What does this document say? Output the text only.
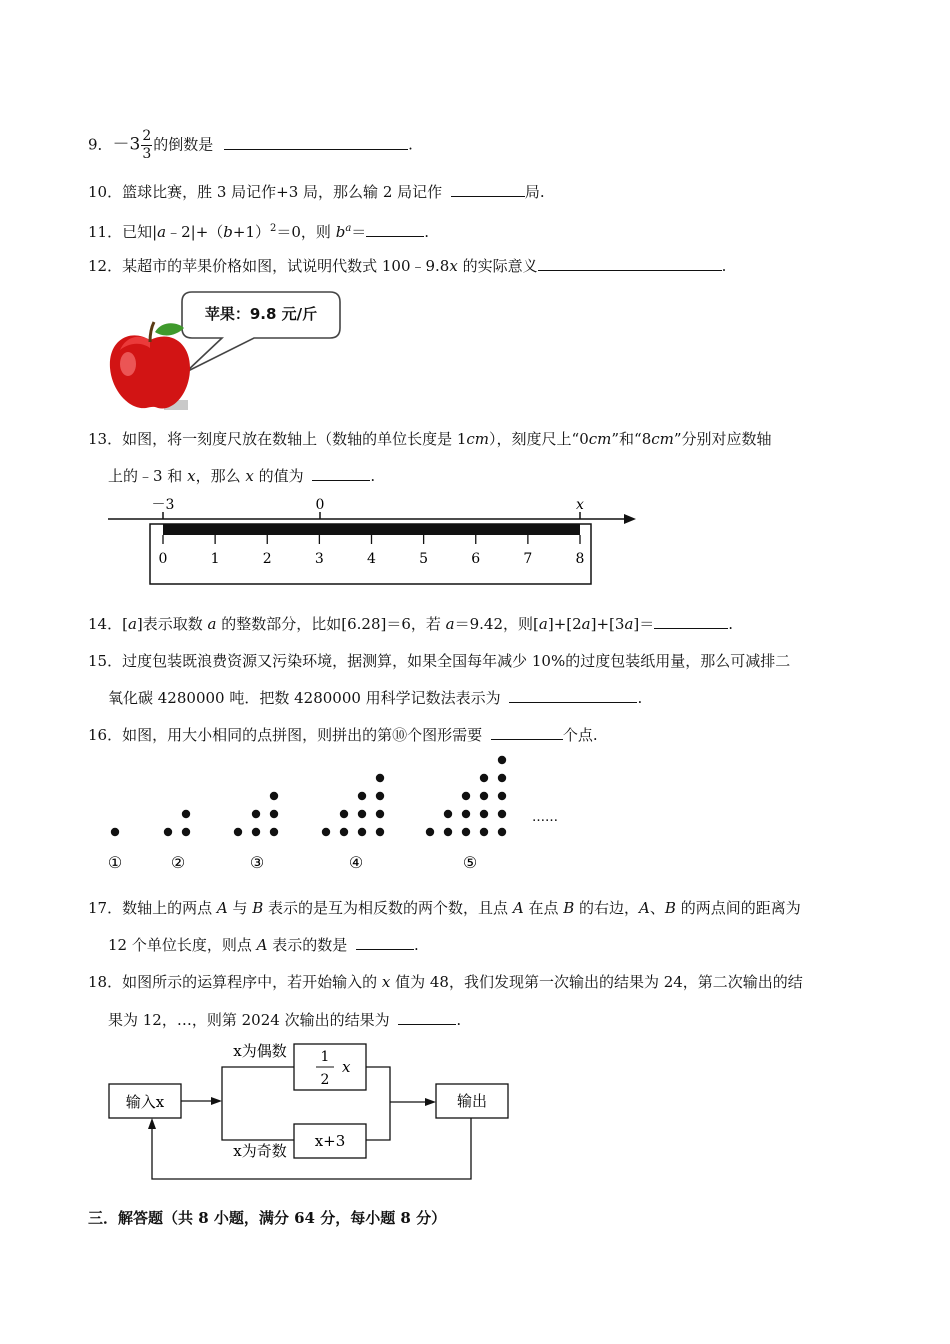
9．$-3 \frac{2}{3}$ 的倒数是	.
10．篮球比赛，胜 3 局记作+3 局，那么输 2 局记作	局.
11．已知$|a﹣2|+(b+1)^2=0$，则 $b^a=$	.
12．某超市的苹果价格如图，试说明代数式 100﹣9.8x 的实际意义	.
苹果：9.8 元/斤
13．如图，将一刻度尺放在数轴上（数轴的单位长度是 1cm），刻度尺上“0cm”和“8cm”分别对应数轴
上的﹣3 和 x，那么 x 的值为	.
－3	0	x
0	1	2	3	4	5	6	7	8
14．[a]表示取数 a 的整数部分，比如[6.28]＝6，若 a＝9.42，则[a]+[2a]+[3a]＝	.
15．过度包装既浪费资源又污染环境，据测算，如果全国每年减少 10%的过度包装纸用量，那么可减排二
氧化碳 4280000 吨．把数 4280000 用科学记数法表示为	.
16．如图，用大小相同的点拼图，则拼出的第⑩个图形需要	个点.
①	②	③	④	⑤
……
17．数轴上的两点 A 与 B 表示的是互为相反数的两个数，且点 A 在点 B 的右边，A、B 的两点间的距离为
12 个单位长度，则点 A 表示的数是	.
18．如图所示的运算程序中，若开始输入的 x 值为 48，我们发现第一次输出的结果为 24，第二次输出的结
果为 12，…，则第 2024 次输出的结果为	.
输入x	输出
x为偶数
x为奇数
1
2
x
x+3
三．解答题（共 8 小题，满分 64 分，每小题 8 分）
